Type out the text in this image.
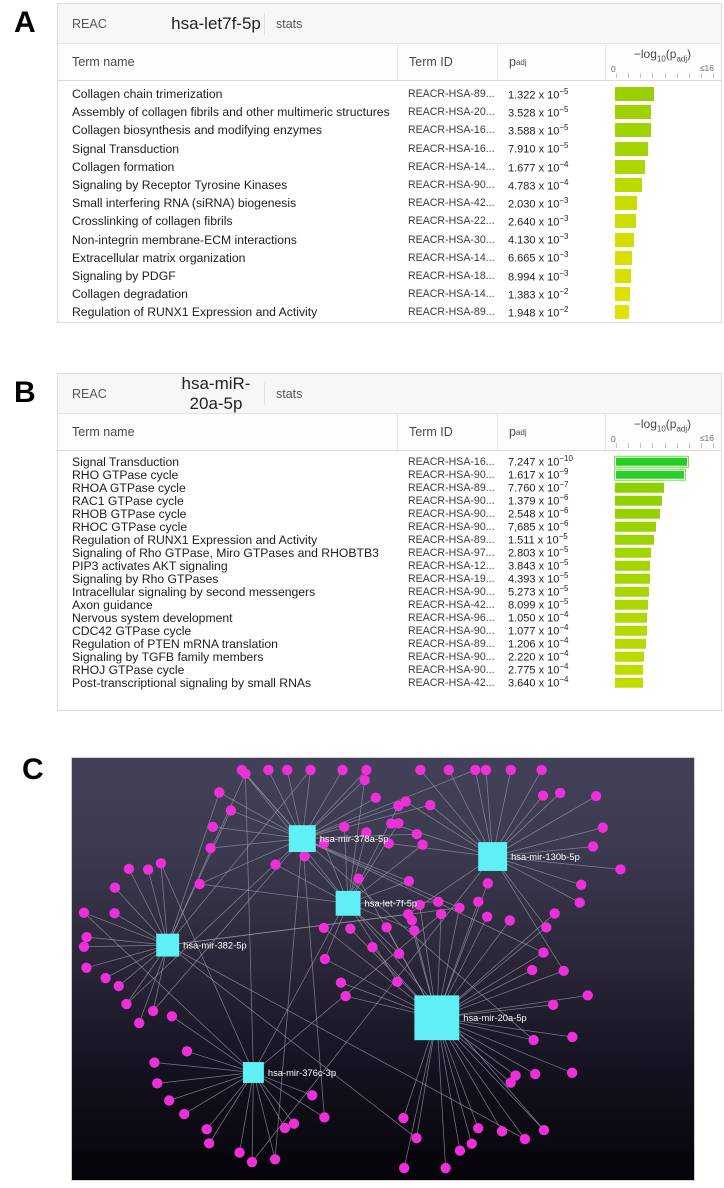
A
B
C
REAC	hsa-let7f-5p stats
Term name	Term ID	p adj
$-\log_{10}(p_{adj})$
0	≤16
Collagen chain trimerization	REACR-HSA-89...	1.322 x $10^{-5}$
Assembly of collagen fibrils and other multimeric structures	REACR-HSA-20...	3.528 x $10^{-5}$
Collagen biosynthesis and modifying enzymes	REACR-HSA-16...	3.588 x $10^{-5}$
Signal Transduction	REACR-HSA-16...	7.910 x $10^{-5}$
Collagen formation	REACR-HSA-14...	1.677 x $10^{-4}$
Signaling by Receptor Tyrosine Kinases	REACR-HSA-90...	4.783 x $10^{-4}$
Small interfering RNA (siRNA) biogenesis	REACR-HSA-42...	2.030 x $10^{-3}$
Crosslinking of collagen fibrils	REACR-HSA-22...	2.640 x $10^{-3}$
Non-integrin membrane-ECM interactions	REACR-HSA-30...	4.130 x $10^{-3}$
Extracellular matrix organization	REACR-HSA-14...	6.665 x $10^{-3}$
Signaling by PDGF	REACR-HSA-18...	8.994 x $10^{-3}$
Collagen degradation	REACR-HSA-14...	1.383 x $10^{-2}$
Regulation of RUNX1 Expression and Activity	REACR-HSA-89...	1.948 x $10^{-2}$
REAC
hsa-miR-20a-5p	stats
Term name	Term ID	p adj
$-\log_{10}(p_{adj})$
0	≤16
Signal Transduction	REACR-HSA-16...	7.247 x $10^{-10}$
RHO GTPase cycle	REACR-HSA-90...	1.617 x $10^{-9}$
RHOA GTPase cycle	REACR-HSA-89...	7.760 x $10^{-7}$
RAC1 GTPase cycle	REACR-HSA-90...	1.379 x $10^{-6}$
RHOB GTPase cycle	REACR-HSA-90...	2.548 x $10^{-6}$
RHOC GTPase cycle	REACR-HSA-90...	7,685 x $10^{-6}$
Regulation of RUNX1 Expression and Activity	REACR-HSA-89...	1.511 x $10^{-5}$
Signaling of Rho GTPase, Miro GTPases and RHOBTB3	REACR-HSA-97...	2.803 x $10^{-5}$
PIP3 activates AKT signaling	REACR-HSA-12...	3.843 x $10^{-5}$
Signaling by Rho GTPases	REACR-HSA-19...	4.393 x $10^{-5}$
Intracellular signaling by second messengers	REACR-HSA-90...	5.273 x $10^{-5}$
Axon guidance	REACR-HSA-42...	8.099 x $10^{-5}$
Nervous system development	REACR-HSA-96...	1.050 x $10^{-4}$
CDC42 GTPase cycle	REACR-HSA-90...	1.077 x $10^{-4}$
Regulation of PTEN mRNA translation	REACR-HSA-89...	1.206 x $10^{-4}$
Signaling by TGFB family members	REACR-HSA-90...	2.220 x $10^{-4}$
RHOJ GTPase cycle	REACR-HSA-90...	2.775 x $10^{-4}$
Post-transcriptional signaling by small RNAs	REACR-HSA-42...	3.640 x $10^{-4}$
hsa-mir-378a-5p
hsa-mir-130b-5p
hsa-mir-382-5p
hsa-let-7f-5p
hsa-mir-20a-5p
hsa-mir-376c-3p
